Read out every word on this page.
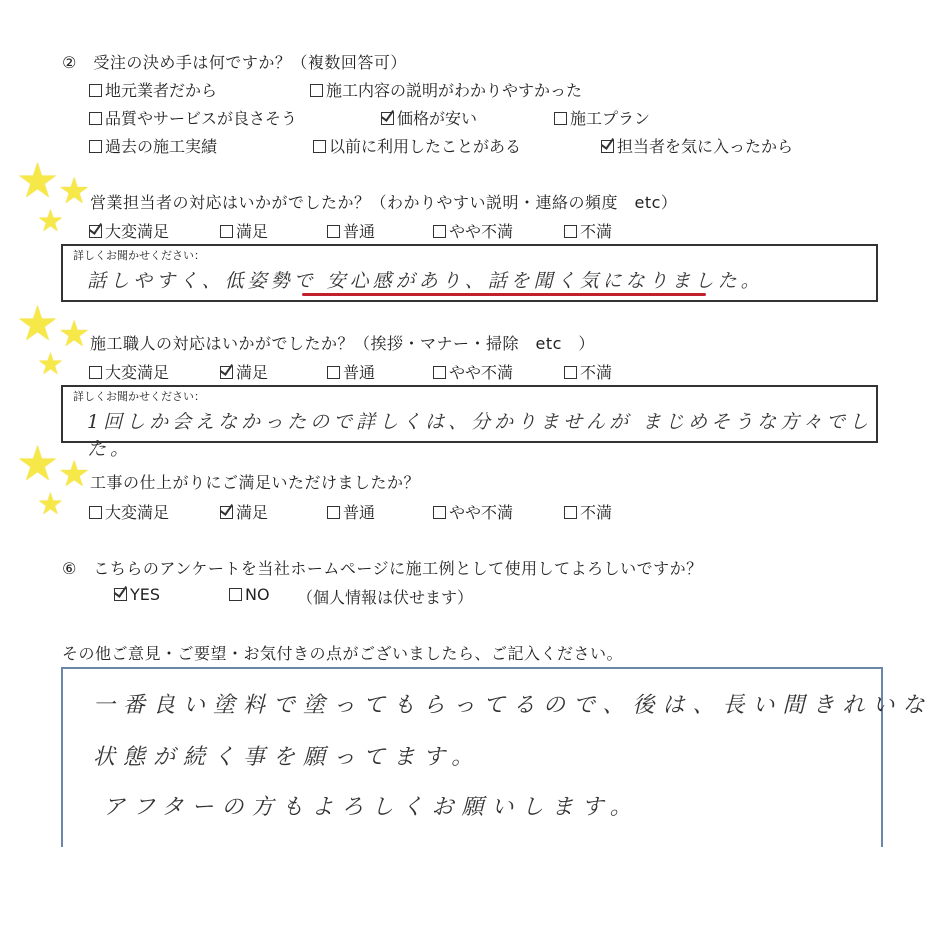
②　受注の決め手は何ですか？（複数回答可）
地元業者だから	施工内容の説明がわかりやすかった
品質やサービスが良さそう	価格が安い	施工プラン
過去の施工実績	以前に利用したことがある	担当者を気に入ったから
★
★
★
営業担当者の対応はいかがでしたか？（わかりやすい説明・連絡の頻度　etc）
大変満足	満足	普通	やや不満	不満
詳しくお聞かせください：
話しやすく、低姿勢で 安心感があり、話を聞く気になりました。
★
★
★
施工職人の対応はいかがでしたか？（挨拶・マナー・掃除　etc　）
大変満足	満足	普通	やや不満	不満
詳しくお聞かせください：
1回しか会えなかったので詳しくは、分かりませんが まじめそうな方々でした。
★
★
★
工事の仕上がりにご満足いただけましたか？
大変満足	満足	普通	やや不満	不満
⑥　こちらのアンケートを当社ホームページに施工例として使用してよろしいですか？
YES	NO （個人情報は伏せます）
その他ご意見・ご要望・お気付きの点がございましたら、ご記入ください。
一番良い塗料で塗ってもらってるので、後は、長い間きれいな
状態が続く事を願ってます。
アフターの方もよろしくお願いします。
